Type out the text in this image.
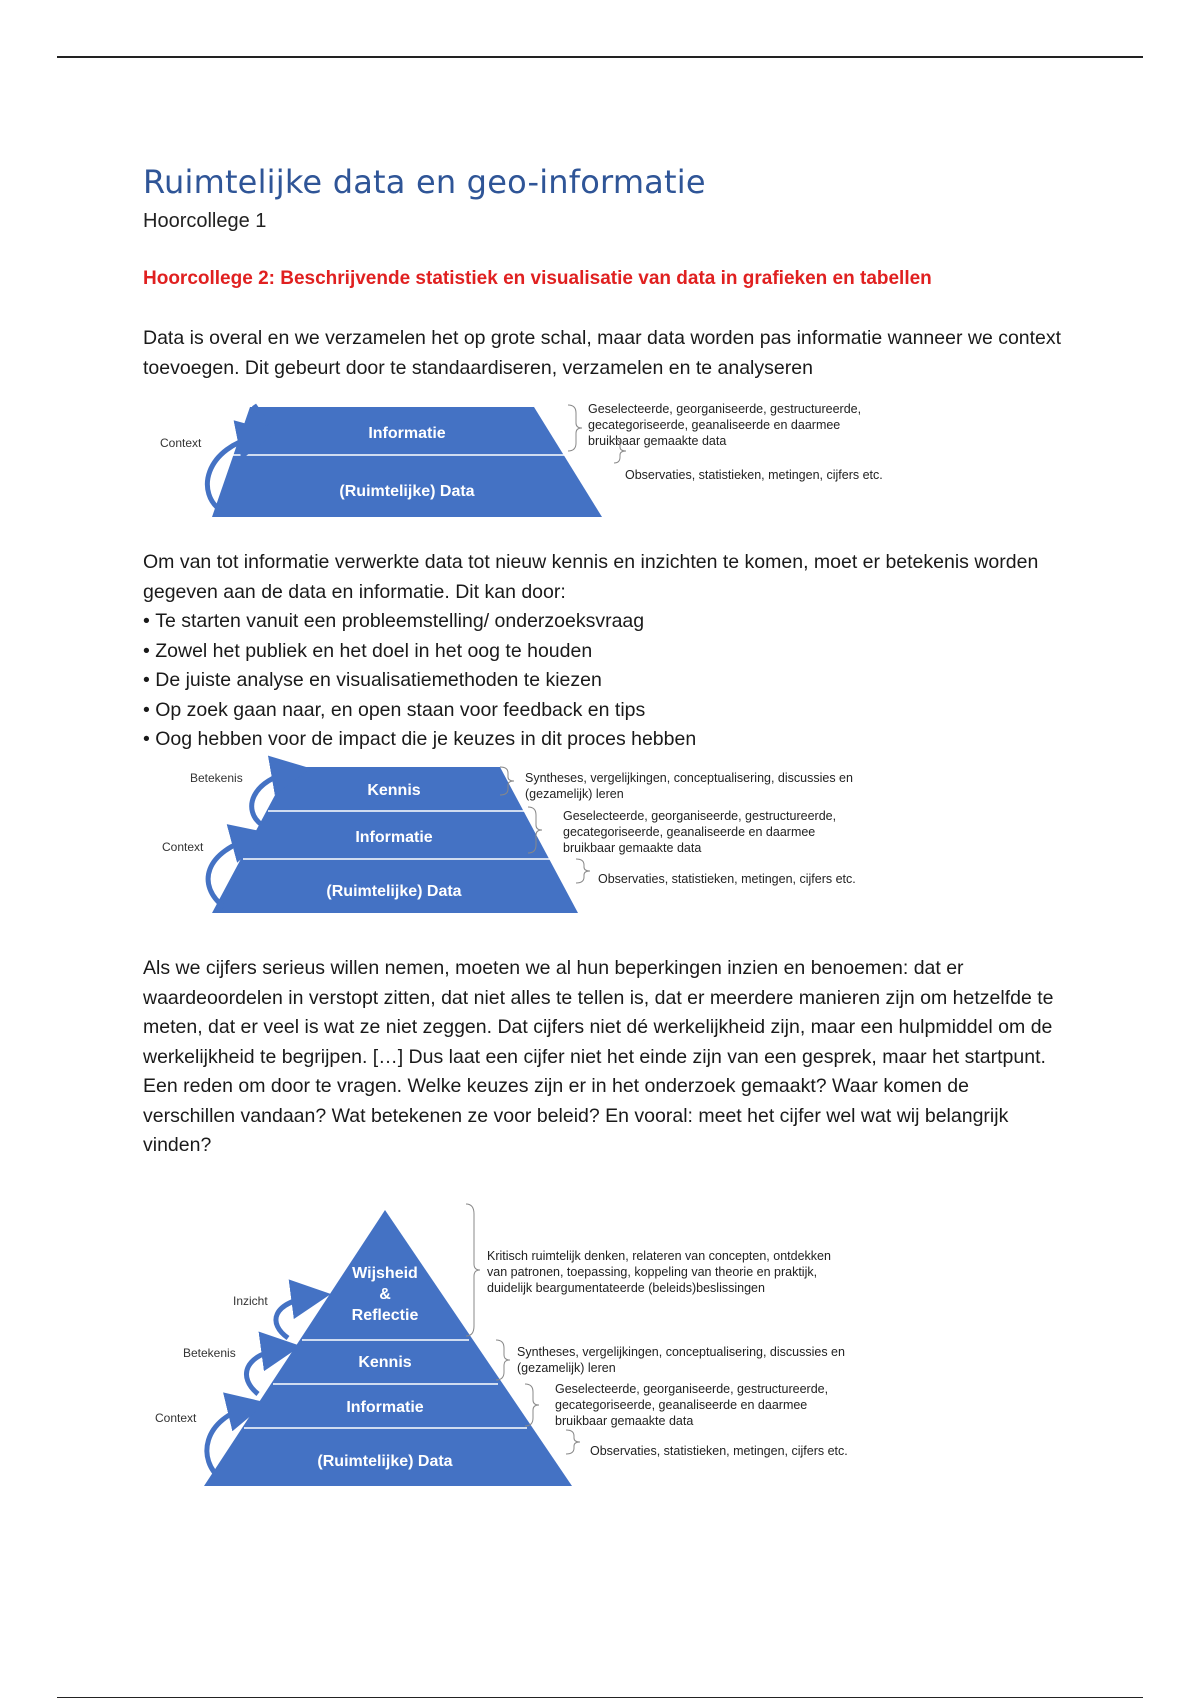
Ruimtelijke data en geo-informatie
Hoorcollege 1
Hoorcollege 2: Beschrijvende statistiek en visualisatie van data in grafieken en tabellen

Data is overal en we verzamelen het op grote schal, maar data worden pas informatie wanneer we context toevoegen. Dit gebeurt door te standaardiseren, verzamelen en te analyseren

Informatie
(Ruimtelijke) Data
Context
Geselecteerde, georganiseerde, gestructureerde,
gecategoriseerde, geanaliseerde en daarmee
bruikbaar gemaakte data
Observaties, statistieken, metingen, cijfers etc.

Om van tot informatie verwerkte data tot nieuw kennis en inzichten te komen, moet er betekenis worden gegeven aan de data en informatie. Dit kan door:

• Te starten vanuit een probleemstelling/ onderzoeksvraag
• Zowel het publiek en het doel in het oog te houden
• De juiste analyse en visualisatiemethoden te kiezen
• Op zoek gaan naar, en open staan voor feedback en tips
• Oog hebben voor de impact die je keuzes in dit proces hebben
Kennis
Informatie
(Ruimtelijke) Data
Betekenis
Context
Syntheses, vergelijkingen, conceptualisering, discussies en
(gezamelijk) leren
Geselecteerde, georganiseerde, gestructureerde,
gecategoriseerde, geanaliseerde en daarmee
bruikbaar gemaakte data
Observaties, statistieken, metingen, cijfers etc.

Als we cijfers serieus willen nemen, moeten we al hun beperkingen inzien en benoemen: dat er waardeoordelen in verstopt zitten, dat niet alles te tellen is, dat er meerdere manieren zijn om hetzelfde te meten, dat er veel is wat ze niet zeggen. Dat cijfers niet dé werkelijkheid zijn, maar een hulpmiddel om de werkelijkheid te begrijpen. […] Dus laat een cijfer niet het einde zijn van een gesprek, maar het startpunt. Een reden om door te vragen. Welke keuzes zijn er in het onderzoek gemaakt? Waar komen de verschillen vandaan? Wat betekenen ze voor beleid? En vooral: meet het cijfer wel wat wij belangrijk vinden?

Wijsheid
&
Reflectie
Kennis
Informatie
(Ruimtelijke) Data
Inzicht
Betekenis
Context
Kritisch ruimtelijk denken, relateren van concepten, ontdekken
van patronen, toepassing, koppeling van theorie en praktijk,
duidelijk beargumentateerde (beleids)beslissingen
Syntheses, vergelijkingen, conceptualisering, discussies en
(gezamelijk) leren
Geselecteerde, georganiseerde, gestructureerde,
gecategoriseerde, geanaliseerde en daarmee
bruikbaar gemaakte data
Observaties, statistieken, metingen, cijfers etc.
